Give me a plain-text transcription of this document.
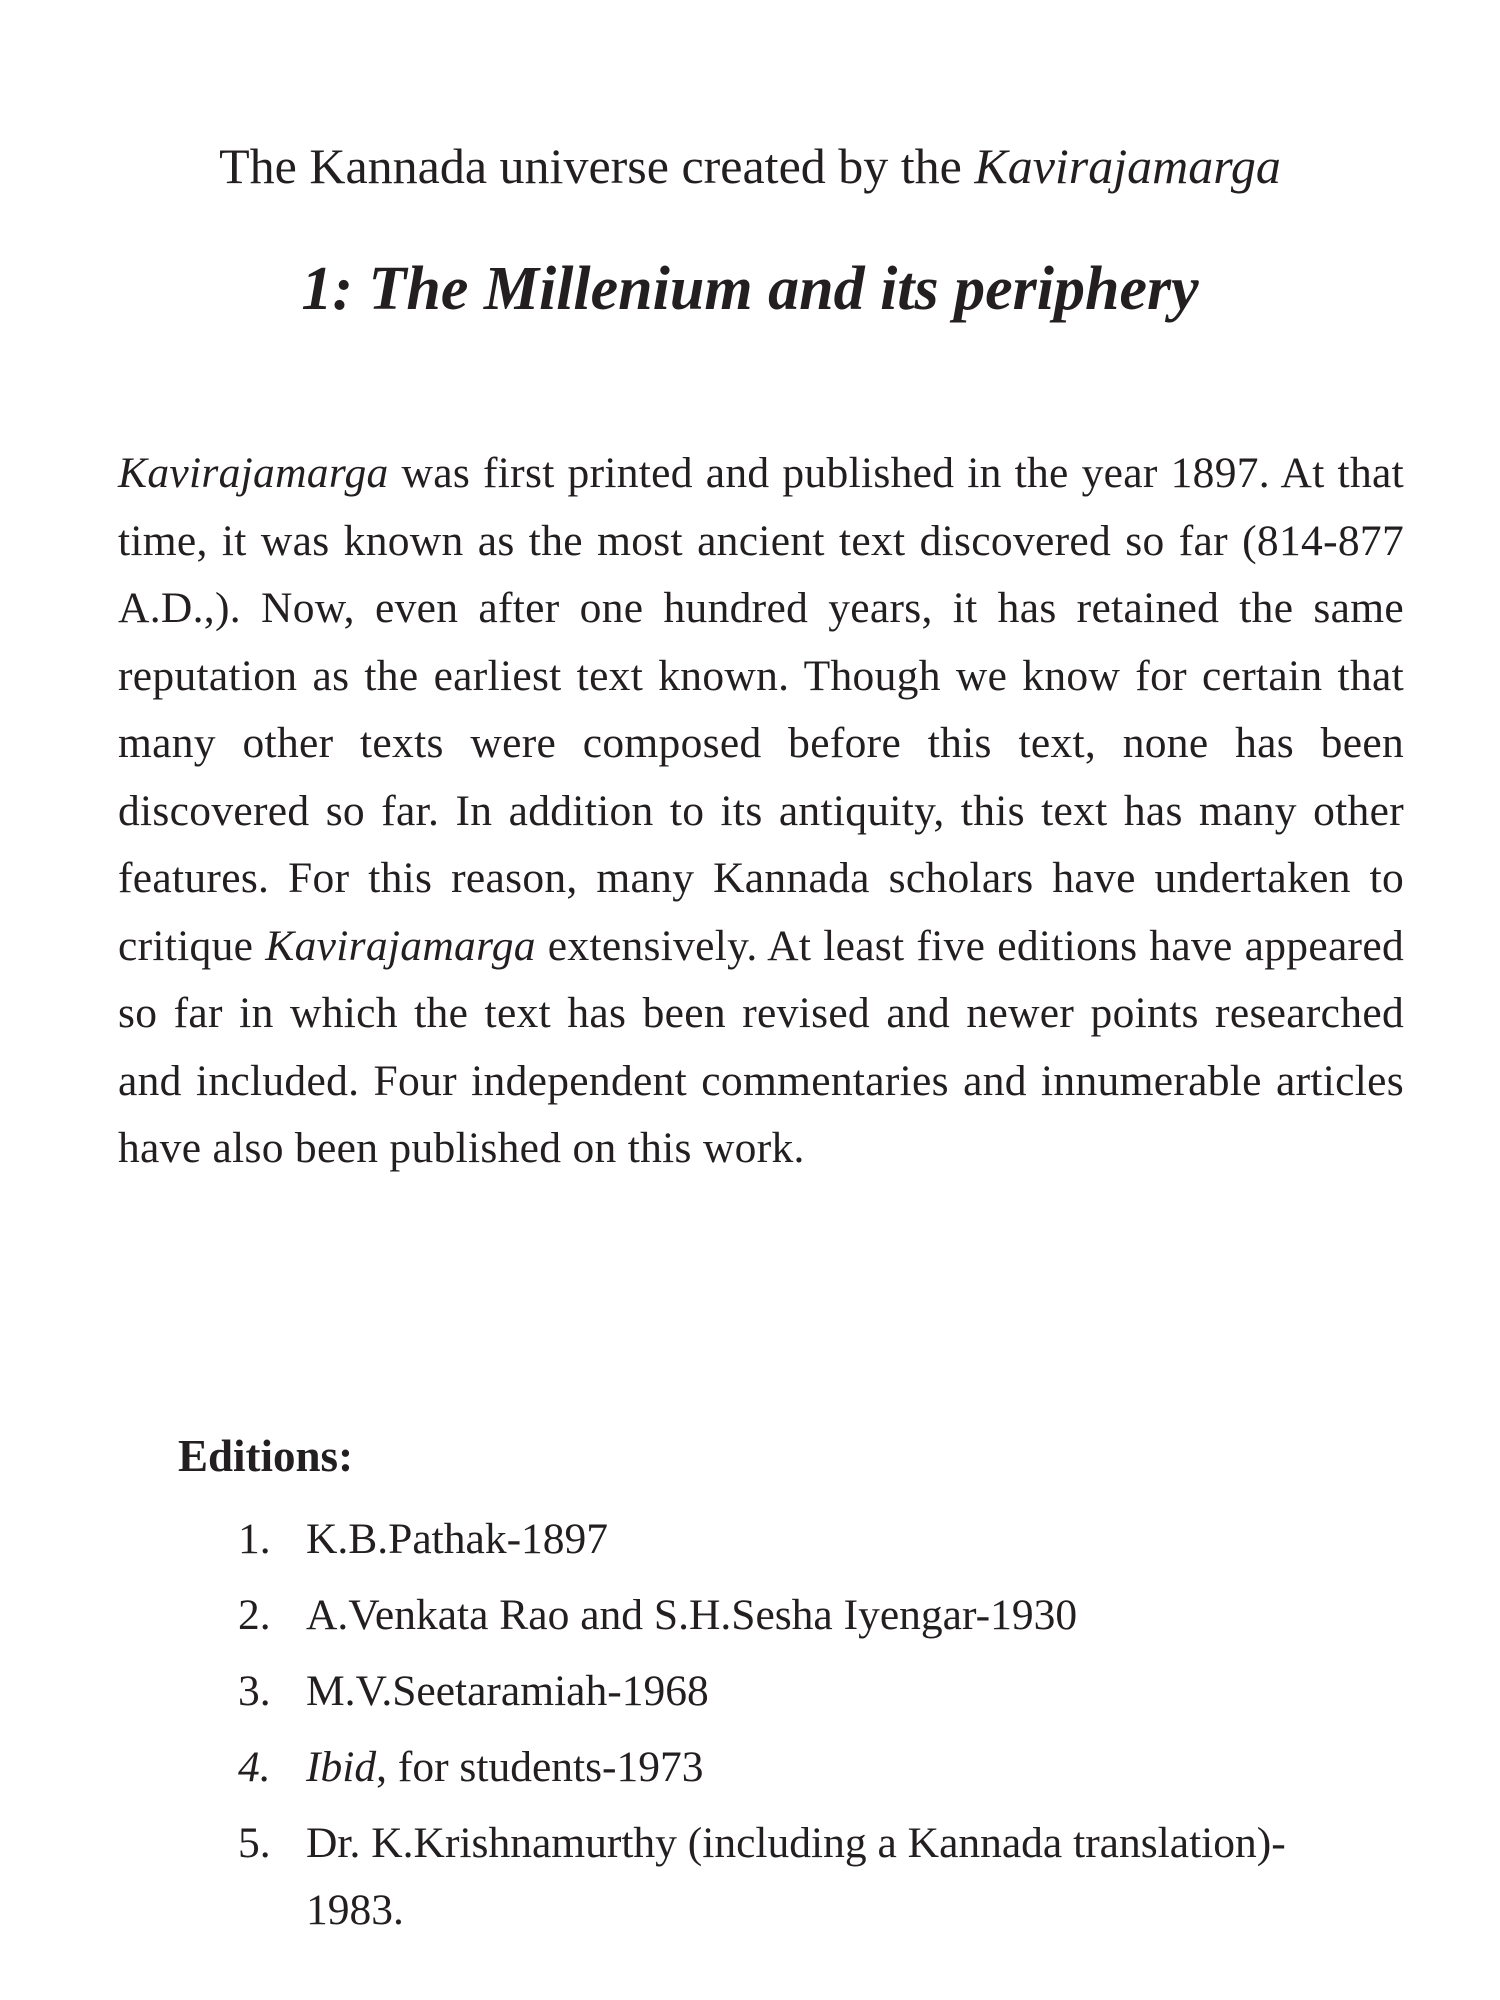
The Kannada universe created by the Kavirajamarga
1: The Millenium and its periphery

Kavirajamarga was first printed and published in the year 1897. At that time, it was known as the most ancient text discovered so far (814-877 A.D.,). Now, even after one hundred years, it has retained the same reputation as the earliest text known. Though we know for certain that many other texts were composed before this text, none has been discovered so far. In addition to its antiquity, this text has many other features. For this reason, many Kannada scholars have undertaken to critique Kavirajamarga extensively. At least five editions have appeared so far in which the text has been revised and newer points researched and included. Four independent commentaries and innumerable articles have also been published on this work.

Editions:
1. K.B.Pathak-1897
2. A.Venkata Rao and S.H.Sesha Iyengar-1930
3. M.V.Seetaramiah-1968
4. Ibid, for students-1973
5. Dr. K.Krishnamurthy (including a Kannada translation)- 1983.
